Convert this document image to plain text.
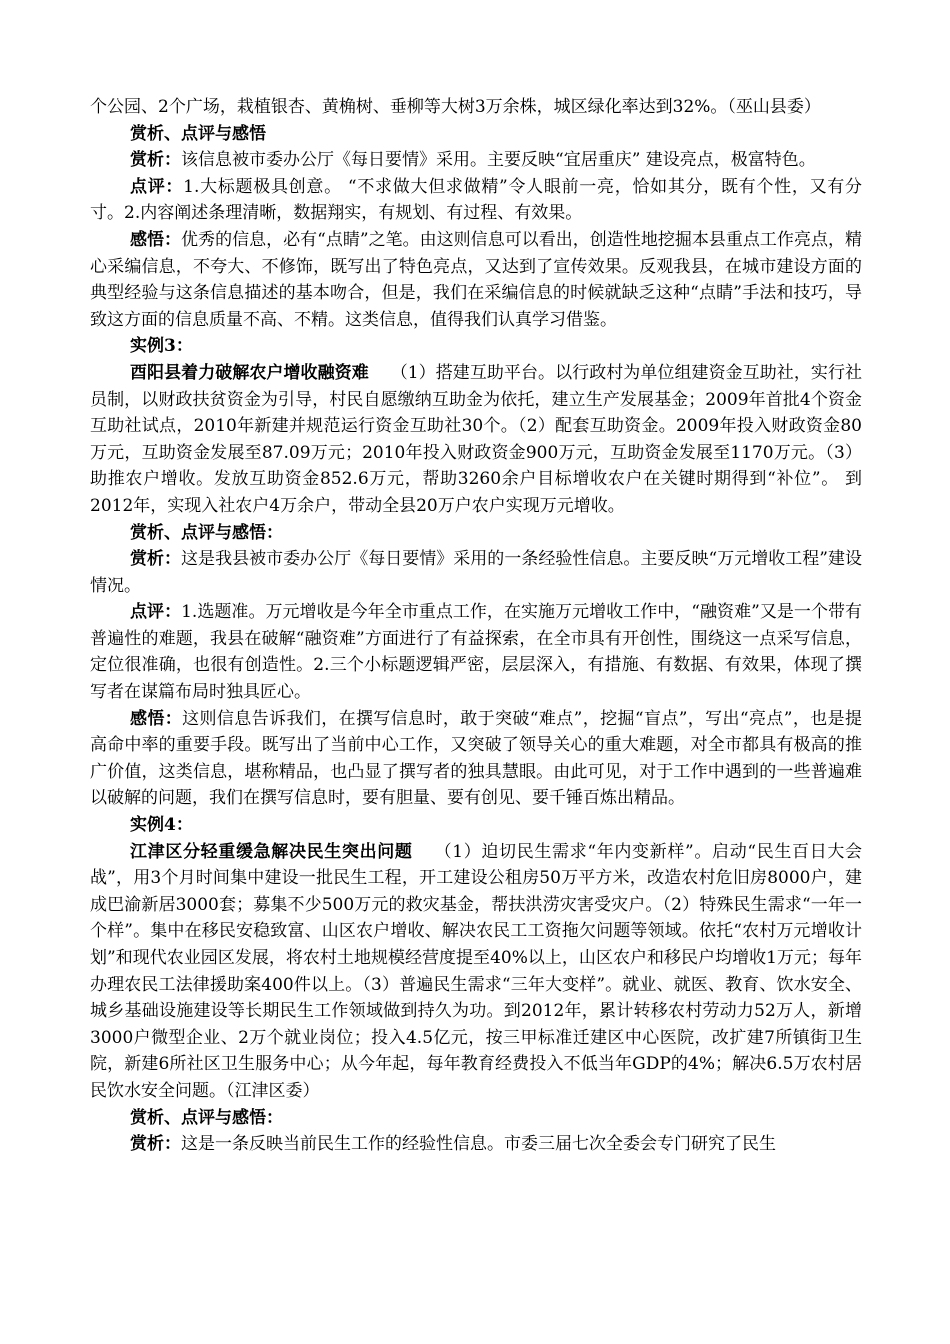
个公园、2个广场，栽植银杏、黄桷树、垂柳等大树3万余株，城区绿化率达到32%。（巫山县委）

赏析、点评与感悟

赏析：该信息被市委办公厅《每日要情》采用。主要反映“宜居重庆” 建设亮点，极富特色。

点评：1.大标题极具创意。 “不求做大但求做精”令人眼前一亮，恰如其分，既有个性，又有分寸。2.内容阐述条理清晰，数据翔实，有规划、有过程、有效果。

感悟：优秀的信息，必有“点睛”之笔。由这则信息可以看出，创造性地挖掘本县重点工作亮点，精心采编信息，不夸大、不修饰，既写出了特色亮点，又达到了宣传效果。反观我县，在城市建设方面的典型经验与这条信息描述的基本吻合，但是，我们在采编信息的时候就缺乏这种“点睛”手法和技巧，导致这方面的信息质量不高、不精。这类信息，值得我们认真学习借鉴。

实例3：

酉阳县着力破解农户增收融资难 （1）搭建互助平台。以行政村为单位组建资金互助社，实行社员制，以财政扶贫资金为引导，村民自愿缴纳互助金为依托，建立生产发展基金；2009年首批4个资金互助社试点，2010年新建并规范运行资金互助社30个。（2）配套互助资金。2009年投入财政资金80万元，互助资金发展至87.09万元；2010年投入财政资金900万元，互助资金发展至1170万元。（3）助推农户增收。发放互助资金852.6万元，帮助3260余户目标增收农户在关键时期得到“补位”。 到2012年，实现入社农户4万余户，带动全县20万户农户实现万元增收。

赏析、点评与感悟：

赏析：这是我县被市委办公厅《每日要情》采用的一条经验性信息。主要反映“万元增收工程”建设情况。

点评：1.选题准。万元增收是今年全市重点工作，在实施万元增收工作中，“融资难”又是一个带有普遍性的难题，我县在破解“融资难”方面进行了有益探索，在全市具有开创性，围绕这一点采写信息，定位很准确，也很有创造性。2.三个小标题逻辑严密，层层深入，有措施、有数据、有效果，体现了撰写者在谋篇布局时独具匠心。

感悟：这则信息告诉我们，在撰写信息时，敢于突破“难点”，挖掘“盲点”，写出“亮点”，也是提高命中率的重要手段。既写出了当前中心工作，又突破了领导关心的重大难题，对全市都具有极高的推广价值，这类信息，堪称精品，也凸显了撰写者的独具慧眼。由此可见，对于工作中遇到的一些普遍难以破解的问题，我们在撰写信息时，要有胆量、要有创见、要千锤百炼出精品。

实例4：

江津区分轻重缓急解决民生突出问题 （1）迫切民生需求“年内变新样”。启动“民生百日大会战”，用3个月时间集中建设一批民生工程，开工建设公租房50万平方米，改造农村危旧房8000户，建成巴渝新居3000套；募集不少500万元的救灾基金，帮扶洪涝灾害受灾户。（2）特殊民生需求“一年一个样”。集中在移民安稳致富、山区农户增收、解决农民工工资拖欠问题等领域。依托“农村万元增收计划”和现代农业园区发展，将农村土地规模经营度提至40%以上，山区农户和移民户均增收1万元；每年办理农民工法律援助案400件以上。（3）普遍民生需求“三年大变样”。就业、就医、教育、饮水安全、城乡基础设施建设等长期民生工作领域做到持久为功。到2012年，累计转移农村劳动力52万人，新增3000户微型企业、2万个就业岗位；投入4.5亿元，按三甲标准迁建区中心医院，改扩建7所镇街卫生院，新建6所社区卫生服务中心；从今年起，每年教育经费投入不低当年GDP的4%；解决6.5万农村居民饮水安全问题。（江津区委）

赏析、点评与感悟：

赏析：这是一条反映当前民生工作的经验性信息。市委三届七次全委会专门研究了民生
